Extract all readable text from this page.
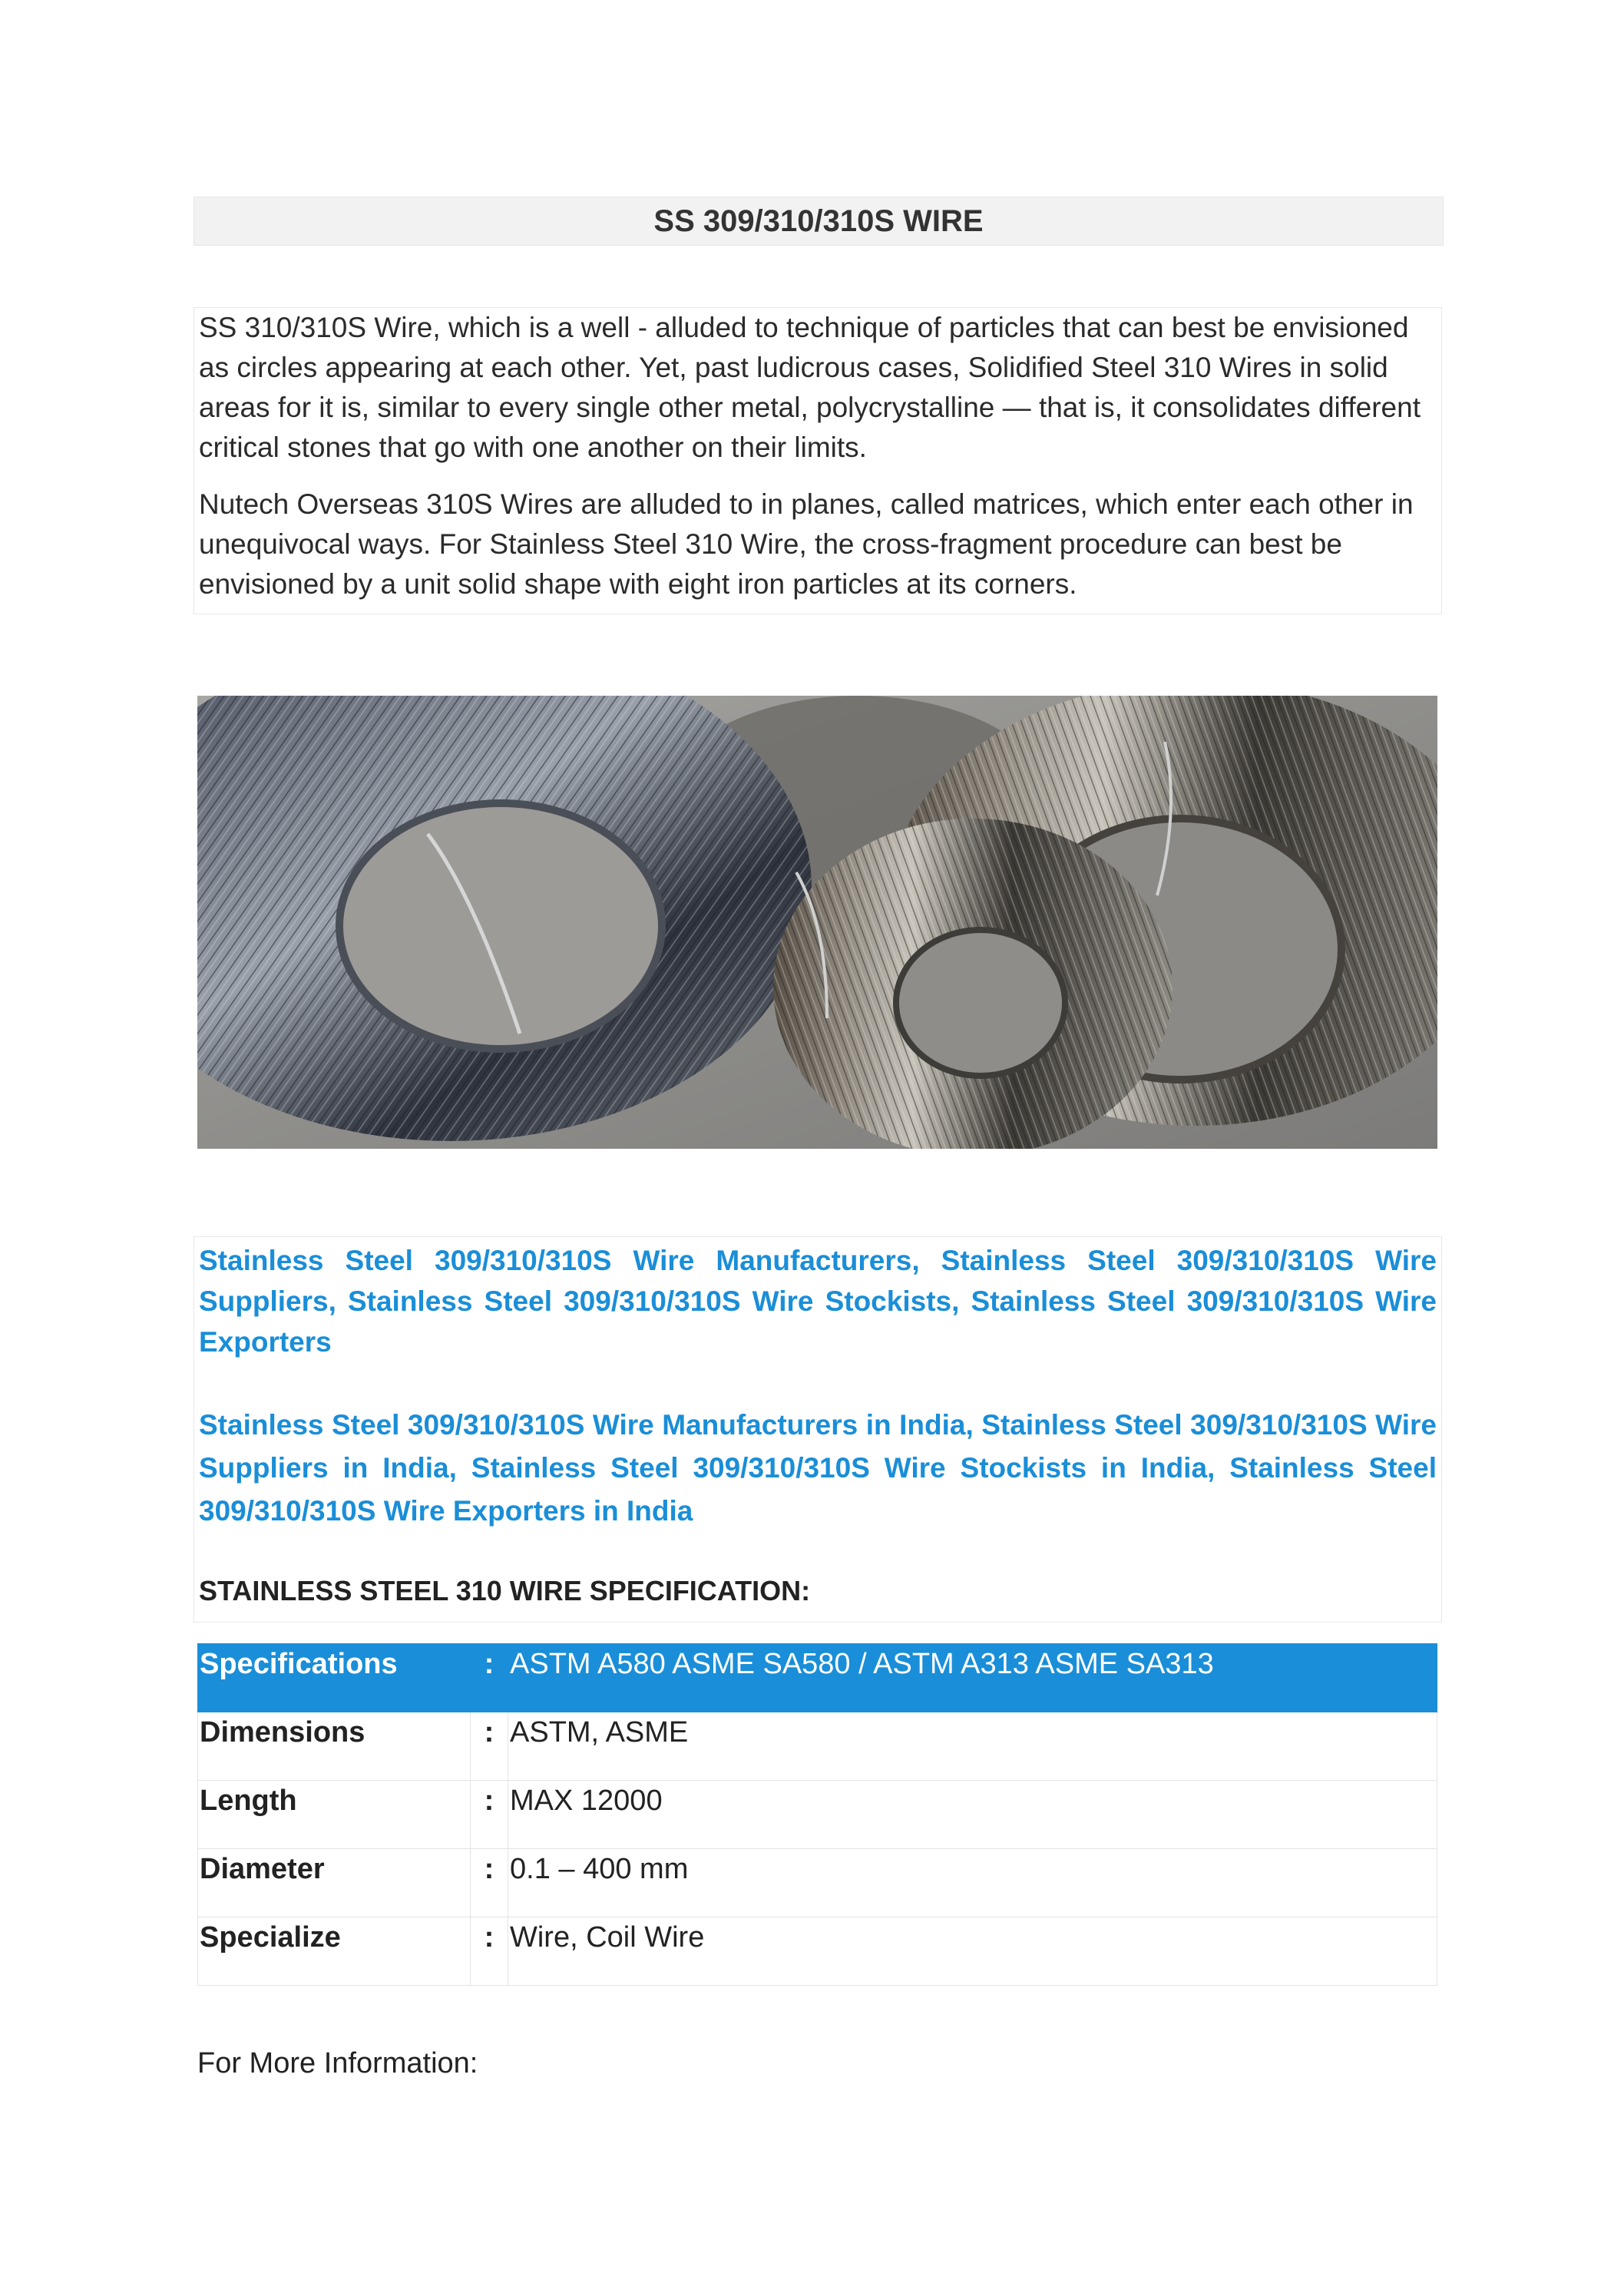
SS 309/310/310S WIRE

SS 310/310S Wire, which is a well - alluded to technique of particles that can best be envisioned as circles appearing at each other. Yet, past ludicrous cases, Solidified Steel 310 Wires in solid areas for it is, similar to every single other metal, polycrystalline — that is, it consolidates different critical stones that go with one another on their limits.

Nutech Overseas 310S Wires are alluded to in planes, called matrices, which enter each other in unequivocal ways. For Stainless Steel 310 Wire, the cross-fragment procedure can best be envisioned by a unit solid shape with eight iron particles at its corners.

Stainless Steel 309/310/310S Wire Manufacturers, Stainless Steel 309/310/310S Wire Suppliers, Stainless Steel 309/310/310S Wire Stockists, Stainless Steel 309/310/310S Wire Exporters

Stainless Steel 309/310/310S Wire Manufacturers in India, Stainless Steel 309/310/310S Wire Suppliers in India, Stainless Steel 309/310/310S Wire Stockists in India, Stainless Steel 309/310/310S Wire Exporters in India

STAINLESS STEEL 310 WIRE SPECIFICATION:

Specifications	:	ASTM A580 ASME SA580 / ASTM A313 ASME SA313
Dimensions	:	ASTM, ASME
Length	:	MAX 12000
Diameter	:	0.1 – 400 mm
Specialize	:	Wire, Coil Wire
For More Information:
